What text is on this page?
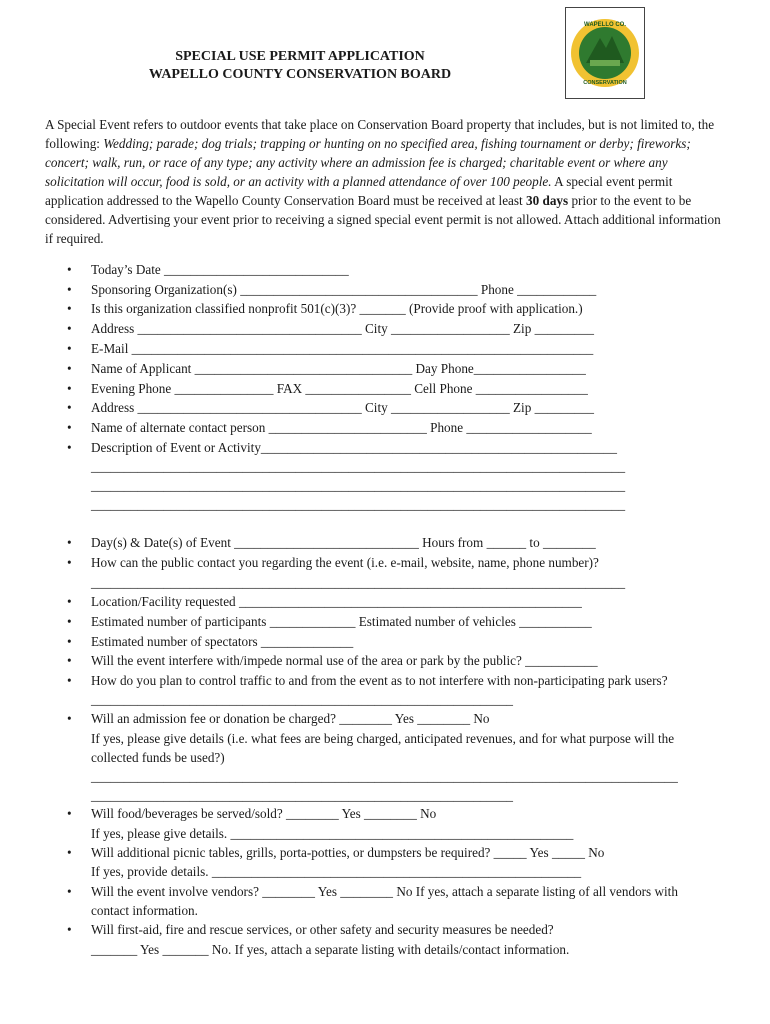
SPECIAL USE PERMIT APPLICATION
WAPELLO COUNTY CONSERVATION BOARD
WAPELLO CO.
CONSERVATION

A Special Event refers to outdoor events that take place on Conservation Board property that includes, but is not limited to, the following: Wedding; parade; dog trials; trapping or hunting on no specified area, fishing tournament or derby; fireworks; concert; walk, run, or race of any type; any activity where an admission fee is charged; charitable event or where any solicitation will occur, food is sold, or an activity with a planned attendance of over 100 people. A special event permit application addressed to the Wapello County Conservation Board must be received at least 30 days prior to the event to be considered. Advertising your event prior to receiving a signed special event permit is not allowed. Attach additional information if required.

• Today’s Date ____________________________
• Sponsoring Organization(s) ____________________________________ Phone ____________
• Is this organization classified nonprofit 501(c)(3)? _______ (Provide proof with application.)
• Address __________________________________ City __________________ Zip _________
• E-Mail ______________________________________________________________________
• Name of Applicant _________________________________ Day Phone_________________
• Evening Phone _______________ FAX ________________ Cell Phone _________________
• Address __________________________________ City __________________ Zip _________
• Name of alternate contact person ________________________ Phone ___________________
• Description of Event or Activity______________________________________________________
_________________________________________________________________________________
_________________________________________________________________________________
_________________________________________________________________________________
• Day(s) & Date(s) of Event ____________________________ Hours from ______ to ________
• How can the public contact you regarding the event (i.e. e-mail, website, name, phone number)?
_________________________________________________________________________________
• Location/Facility requested ____________________________________________________
• Estimated number of participants _____________ Estimated number of vehicles ___________
• Estimated number of spectators ______________
• Will the event interfere with/impede normal use of the area or park by the public? ___________
• How do you plan to control traffic to and from the event as to not interfere with non-participating park users?
________________________________________________________________
• Will an admission fee or donation be charged? ________ Yes ________ No
If yes, please give details (i.e. what fees are being charged, anticipated revenues, and for what purpose will the
collected funds be used?)
_________________________________________________________________________________________
________________________________________________________________
• Will food/beverages be served/sold? ________ Yes ________ No
If yes, please give details. ____________________________________________________
• Will additional picnic tables, grills, porta-potties, or dumpsters be required? _____ Yes _____ No
If yes, provide details. ________________________________________________________
• Will the event involve vendors? ________ Yes ________ No If yes, attach a separate listing of all vendors with
contact information.
• Will first-aid, fire and rescue services, or other safety and security measures be needed?
_______ Yes _______ No. If yes, attach a separate listing with details/contact information.
